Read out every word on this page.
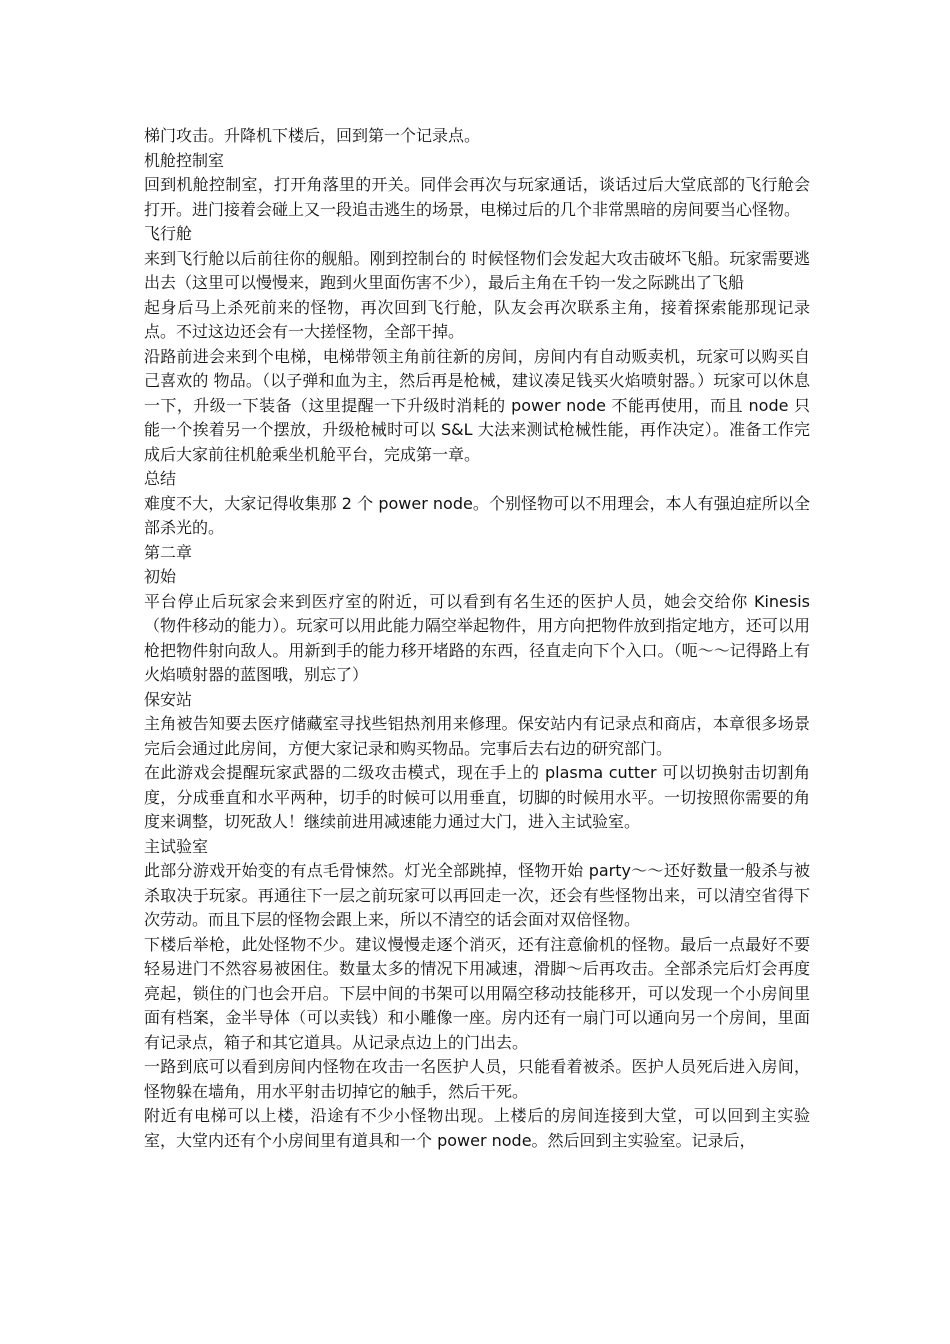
梯门攻击。升降机下楼后，回到第一个记录点。

机舱控制室

回到机舱控制室，打开角落里的开关。同伴会再次与玩家通话，谈话过后大堂底部的飞行舱会打开。进门接着会碰上又一段追击逃生的场景，电梯过后的几个非常黑暗的房间要当心怪物。

飞行舱

来到飞行舱以后前往你的舰船。刚到控制台的 时候怪物们会发起大攻击破坏飞船。玩家需要逃出去（这里可以慢慢来，跑到火里面伤害不少），最后主角在千钧一发之际跳出了飞船

起身后马上杀死前来的怪物，再次回到飞行舱，队友会再次联系主角，接着探索能那现记录点。不过这边还会有一大搓怪物，全部干掉。

沿路前进会来到个电梯，电梯带领主角前往新的房间，房间内有自动贩卖机，玩家可以购买自己喜欢的 物品。（以子弹和血为主，然后再是枪械，建议凑足钱买火焰喷射器。）玩家可以休息一下，升级一下装备（这里提醒一下升级时消耗的 power node 不能再使用，而且 node 只能一个挨着另一个摆放，升级枪械时可以 S&L 大法来测试枪械性能，再作决定）。准备工作完成后大家前往机舱乘坐机舱平台，完成第一章。

总结

难度不大，大家记得收集那 2 个 power node。个别怪物可以不用理会，本人有强迫症所以全部杀光的。

第二章

初始

平台停止后玩家会来到医疗室的附近，可以看到有名生还的医护人员，她会交给你 Kinesis（物件移动的能力）。玩家可以用此能力隔空举起物件，用方向把物件放到指定地方，还可以用枪把物件射向敌人。用新到手的能力移开堵路的东西，径直走向下个入口。（呃～～记得路上有火焰喷射器的蓝图哦，别忘了）

保安站

主角被告知要去医疗储藏室寻找些铝热剂用来修理。保安站内有记录点和商店，本章很多场景完后会通过此房间，方便大家记录和购买物品。完事后去右边的研究部门。

在此游戏会提醒玩家武器的二级攻击模式，现在手上的 plasma cutter 可以切换射击切割角度，分成垂直和水平两种，切手的时候可以用垂直，切脚的时候用水平。一切按照你需要的角度来调整，切死敌人！继续前进用减速能力通过大门，进入主试验室。

主试验室

此部分游戏开始变的有点毛骨悚然。灯光全部跳掉，怪物开始 party～～还好数量一般杀与被杀取决于玩家。再通往下一层之前玩家可以再回走一次，还会有些怪物出来，可以清空省得下次劳动。而且下层的怪物会跟上来，所以不清空的话会面对双倍怪物。

下楼后举枪，此处怪物不少。建议慢慢走逐个消灭，还有注意偷机的怪物。最后一点最好不要轻易进门不然容易被困住。数量太多的情况下用减速，滑脚～后再攻击。全部杀完后灯会再度亮起，锁住的门也会开启。下层中间的书架可以用隔空移动技能移开，可以发现一个小房间里面有档案，金半导体（可以卖钱）和小雕像一座。房内还有一扇门可以通向另一个房间，里面有记录点，箱子和其它道具。从记录点边上的门出去。

一路到底可以看到房间内怪物在攻击一名医护人员，只能看着被杀。医护人员死后进入房间，怪物躲在墙角，用水平射击切掉它的触手，然后干死。

附近有电梯可以上楼，沿途有不少小怪物出现。上楼后的房间连接到大堂，可以回到主实验室，大堂内还有个小房间里有道具和一个 power node。然后回到主实验室。记录后，
